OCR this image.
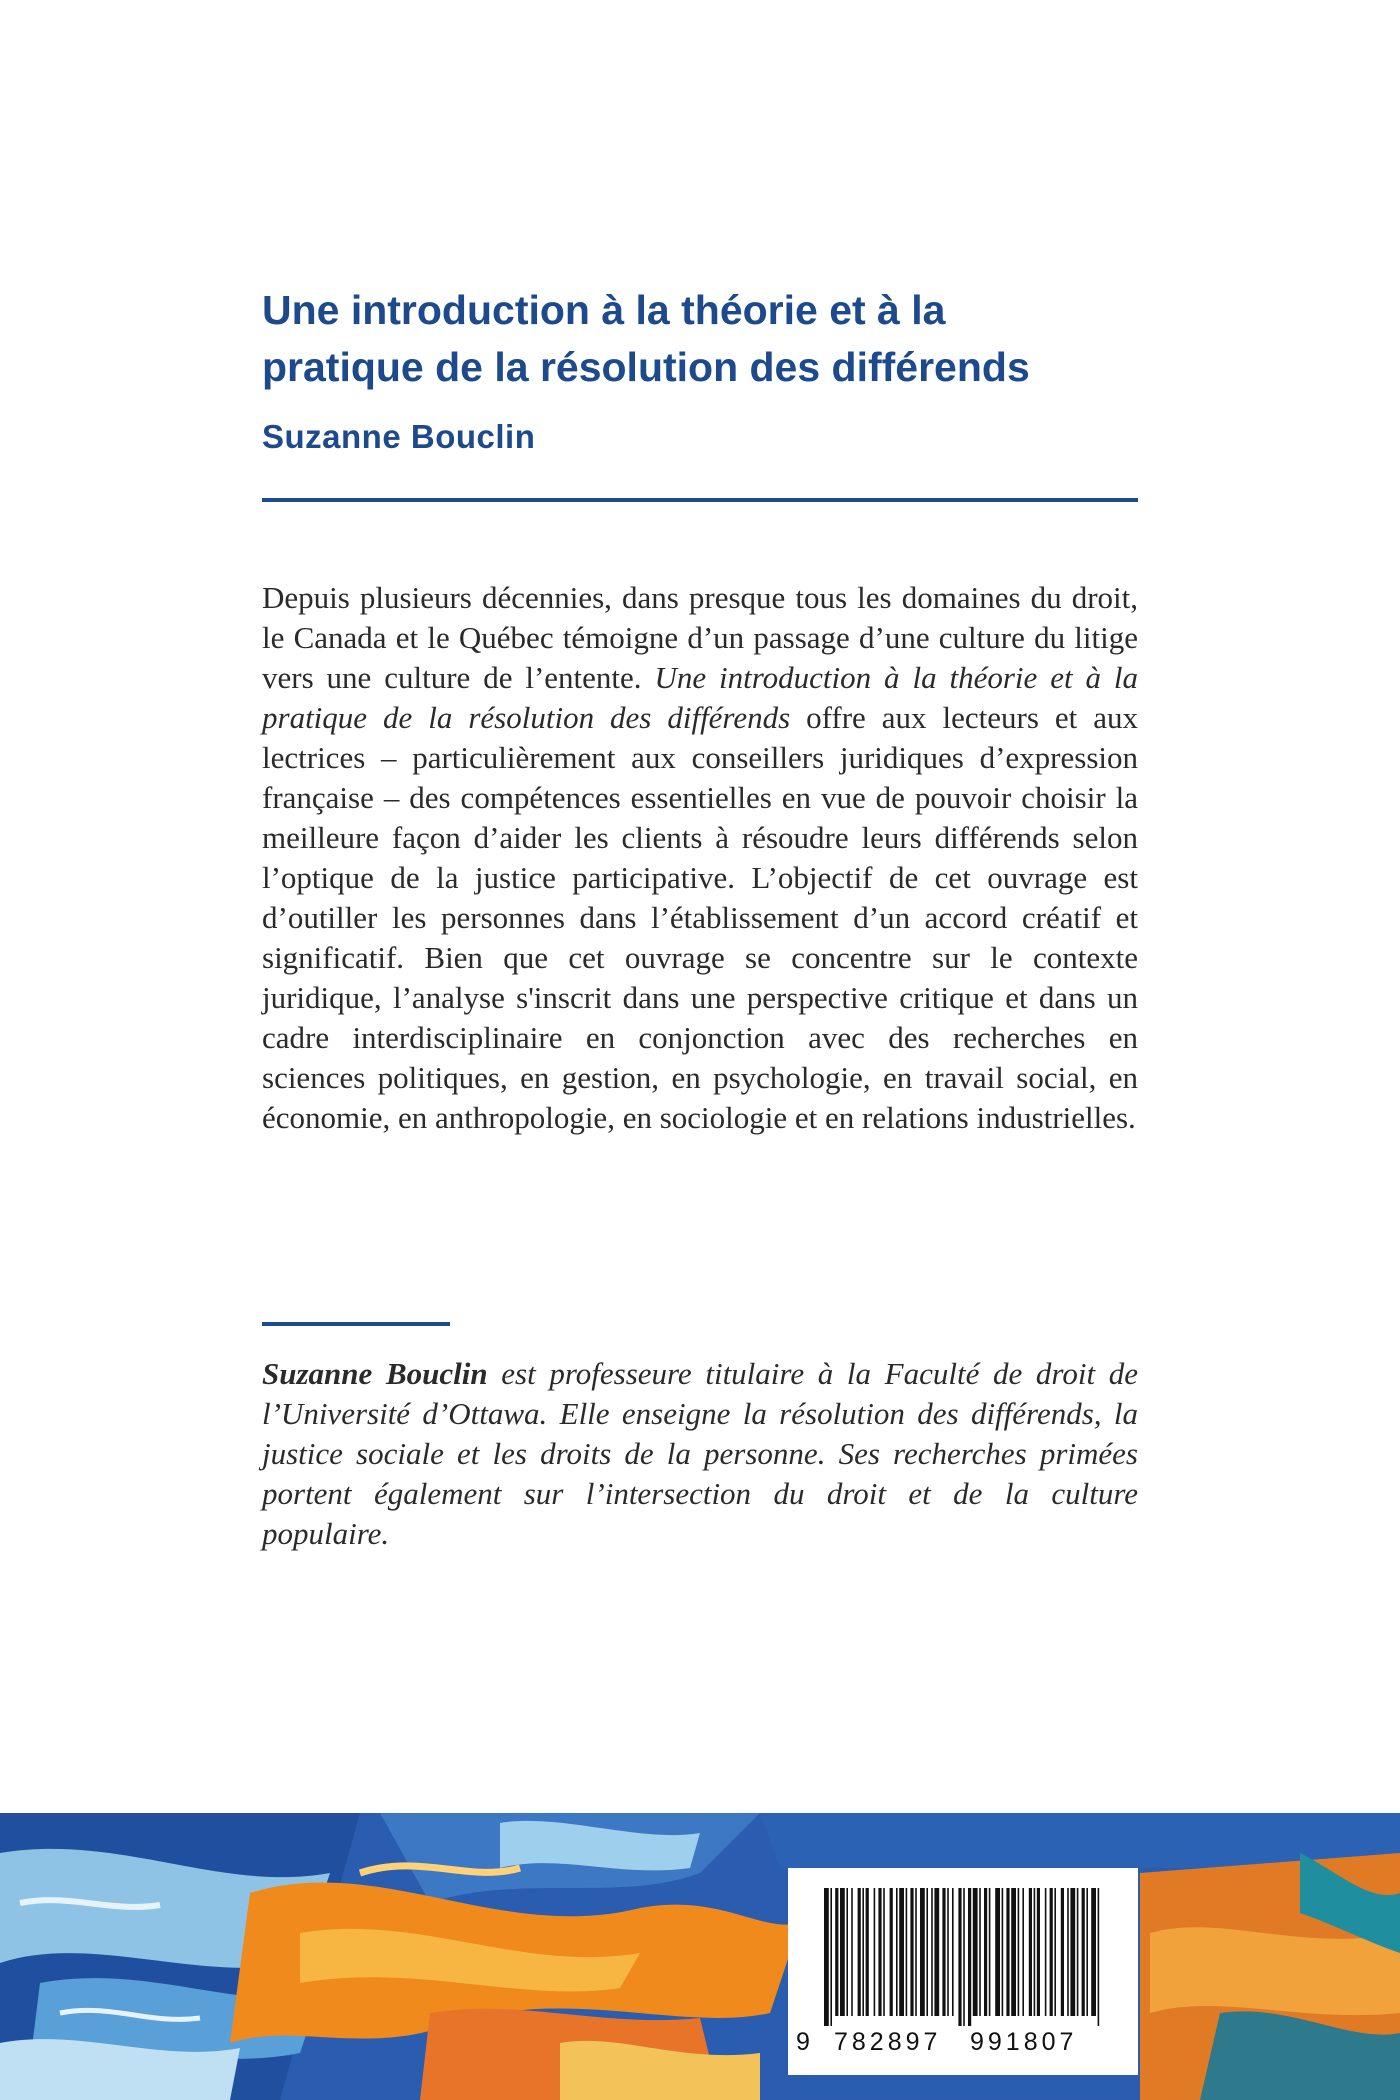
Une introduction à la théorie et à la
pratique de la résolution des différends
Suzanne Bouclin

Depuis plusieurs décennies, dans presque tous les domaines du droit, le Canada et le Québec témoigne d’un passage d’une culture du litige vers une culture de l’entente. Une introduction à la théorie et à la pratique de la résolution des différends offre aux lecteurs et aux lectrices – particulièrement aux conseillers juridiques d’expression française – des compétences essentielles en vue de pouvoir choisir la meilleure façon d’aider les clients à résoudre leurs différends selon l’optique de la justice participative. L’objectif de cet ouvrage est d’outiller les personnes dans l’établissement d’un accord créatif et significatif. Bien que cet ouvrage se concentre sur le contexte juridique, l’analyse s'inscrit dans une perspective critique et dans un cadre interdisciplinaire en conjonction avec des recherches en sciences politiques, en gestion, en psychologie, en travail social, en économie, en anthropologie, en sociologie et en relations industrielles.

Suzanne Bouclin est professeure titulaire à la Faculté de droit de l’Université d’Ottawa. Elle enseigne la résolution des différends, la justice sociale et les droits de la personne. Ses recherches primées portent également sur l’intersection du droit et de la culture populaire.

9 782897 991807
